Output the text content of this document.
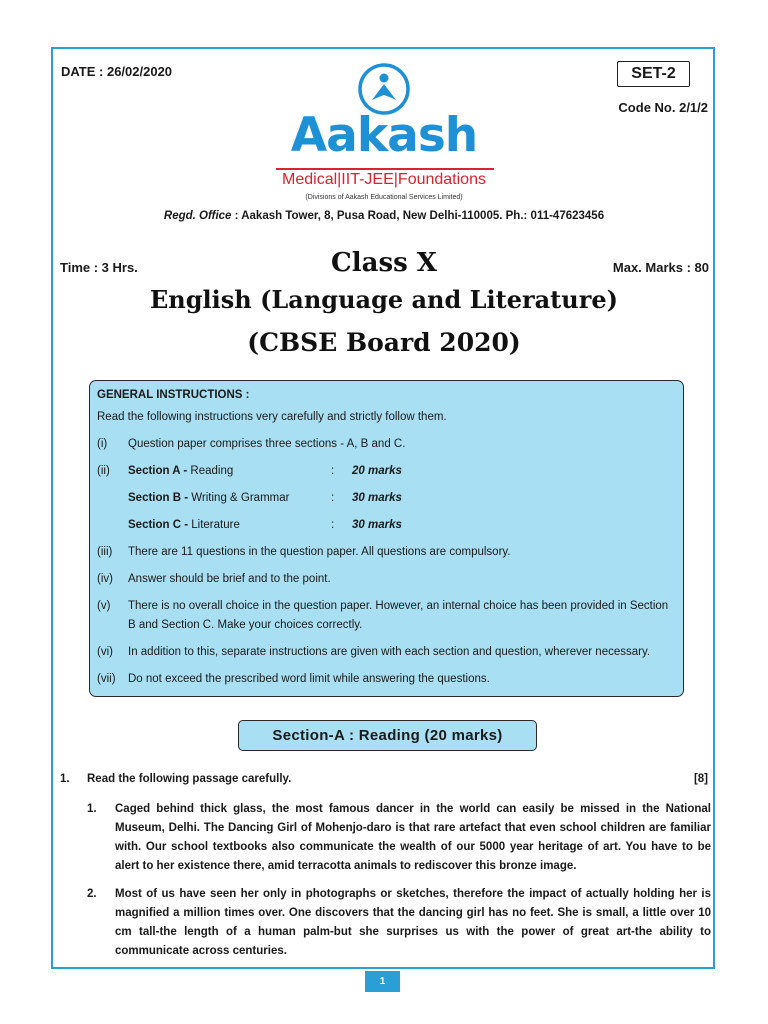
DATE : 26/02/2020	SET-2
Code No. 2/1/2
Aakash
Medical|IIT-JEE|Foundations
(Divisions of Aakash Educational Services Limited)
Regd. Office : Aakash Tower, 8, Pusa Road, New Delhi-110005. Ph.: 011-47623456
Time : 3 Hrs.	Max. Marks : 80
Class X
English (Language and Literature)
(CBSE Board 2020)
GENERAL INSTRUCTIONS :
Read the following instructions very carefully and strictly follow them.
(i) Question paper comprises three sections - A, B and C.
(ii) Section A - Reading	: 20 marks
Section B - Writing & Grammar	: 30 marks
Section C - Literature	: 30 marks
(iii) There are 11 questions in the question paper. All questions are compulsory.
(iv) Answer should be brief and to the point.
(v) There is no overall choice in the question paper. However, an internal choice has been provided in Section B and Section C. Make your choices correctly.
(vi) In addition to this, separate instructions are given with each section and question, wherever necessary.
(vii) Do not exceed the prescribed word limit while answering the questions.
Section-A : Reading (20 marks)
1. Read the following passage carefully.	[8]
1. Caged behind thick glass, the most famous dancer in the world can easily be missed in the National Museum, Delhi. The Dancing Girl of Mohenjo-daro is that rare artefact that even school children are familiar with. Our school textbooks also communicate the wealth of our 5000 year heritage of art. You have to be alert to her existence there, amid terracotta animals to rediscover this bronze image.
2. Most of us have seen her only in photographs or sketches, therefore the impact of actually holding her is magnified a million times over. One discovers that the dancing girl has no feet. She is small, a little over 10 cm tall-the length of a human palm-but she surprises us with the power of great art-the ability to communicate across centuries.
1
